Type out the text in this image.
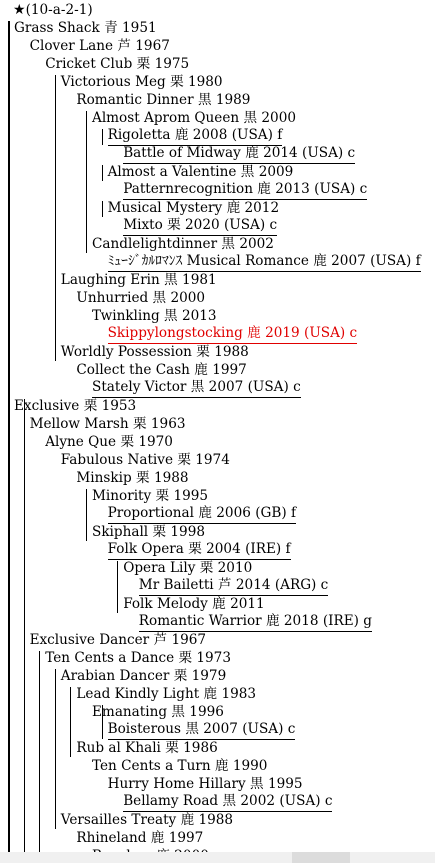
★(10-a-2-1)
Grass Shack 青 1951
Clover Lane 芦 1967
Cricket Club 栗 1975
Victorious Meg 栗 1980
Romantic Dinner 黒 1989
Almost Aprom Queen 黒 2000
Rigoletta 鹿 2008 (USA) f
Battle of Midway 鹿 2014 (USA) c
Almost a Valentine 黒 2009
Patternrecognition 鹿 2013 (USA) c
Musical Mystery 鹿 2012
Mixto 栗 2020 (USA) c
Candlelightdinner 黒 2002
ﾐｭｰｼﾞｶﾙﾛﾏﾝｽ Musical Romance 鹿 2007 (USA) f
Laughing Erin 黒 1981
Unhurried 黒 2000
Twinkling 黒 2013
Skippylongstocking 鹿 2019 (USA) c
Worldly Possession 栗 1988
Collect the Cash 鹿 1997
Stately Victor 黒 2007 (USA) c
Exclusive 栗 1953
Mellow Marsh 栗 1963
Alyne Que 栗 1970
Fabulous Native 栗 1974
Minskip 栗 1988
Minority 栗 1995
Proportional 鹿 2006 (GB) f
Skiphall 栗 1998
Folk Opera 栗 2004 (IRE) f
Opera Lily 栗 2010
Mr Bailetti 芦 2014 (ARG) c
Folk Melody 鹿 2011
Romantic Warrior 鹿 2018 (IRE) g
Exclusive Dancer 芦 1967
Ten Cents a Dance 栗 1973
Arabian Dancer 栗 1979
Lead Kindly Light 鹿 1983
Emanating 黒 1996
Boisterous 黒 2007 (USA) c
Rub al Khali 栗 1986
Ten Cents a Turn 鹿 1990
Hurry Home Hillary 黒 1995
Bellamy Road 黒 2002 (USA) c
Versailles Treaty 鹿 1988
Rhineland 鹿 1997
